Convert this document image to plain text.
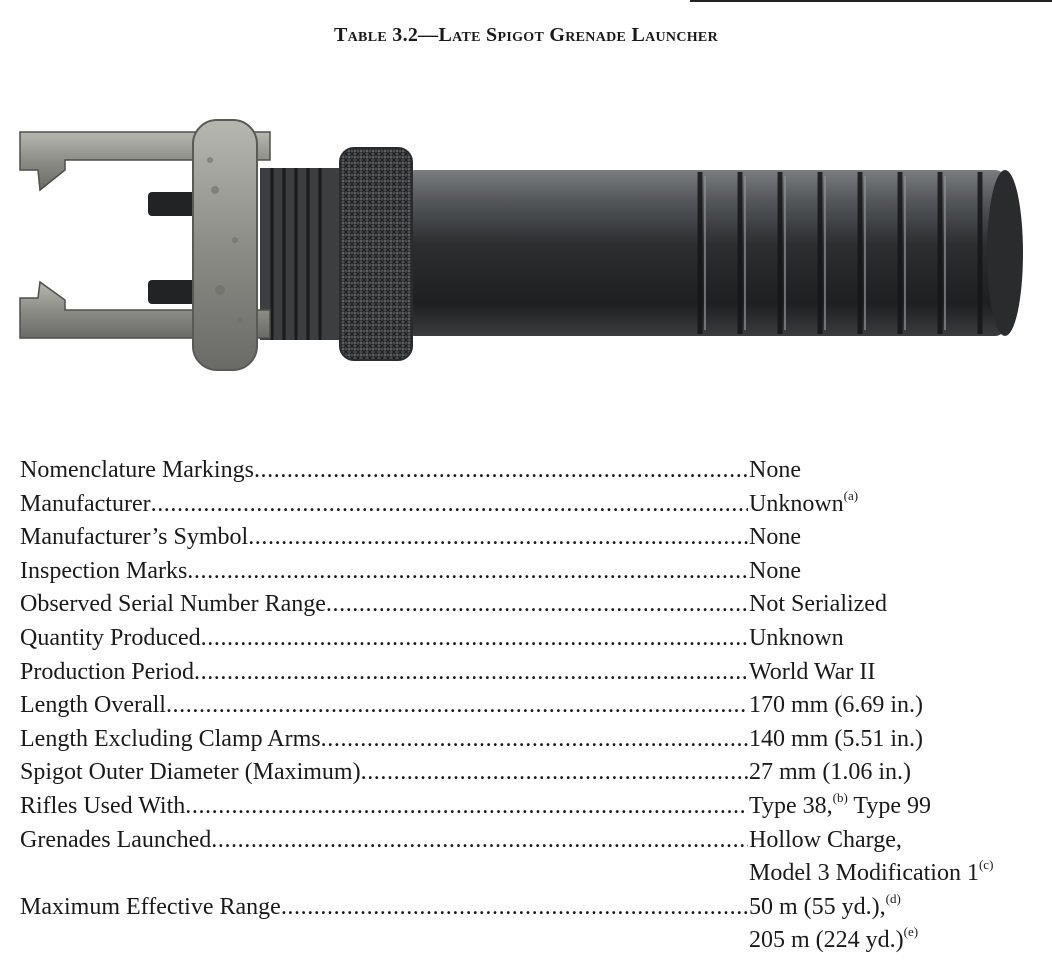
Table 3.2—Late Spigot Grenade Launcher
Nomenclature Markings .....	None
Manufacturer .....	Unknown$^{(a)}$
Manufacturer’s Symbol .....	None
Inspection Marks .....	None
Observed Serial Number Range .....	Not Serialized
Quantity Produced .....	Unknown
Production Period .....	World War II
Length Overall .....	170 mm (6.69 in.)
Length Excluding Clamp Arms .....	140 mm (5.51 in.)
Spigot Outer Diameter (Maximum) .....	27 mm (1.06 in.)
Rifles Used With .....	Type 38,$^{(b)}$ Type 99
Grenades Launched .....	Hollow Charge,
Model 3 Modification 1$^{(c)}$
Maximum Effective Range .....	50 m (55 yd.),$^{(d)}$
205 m (224 yd.)$^{(e)}$
